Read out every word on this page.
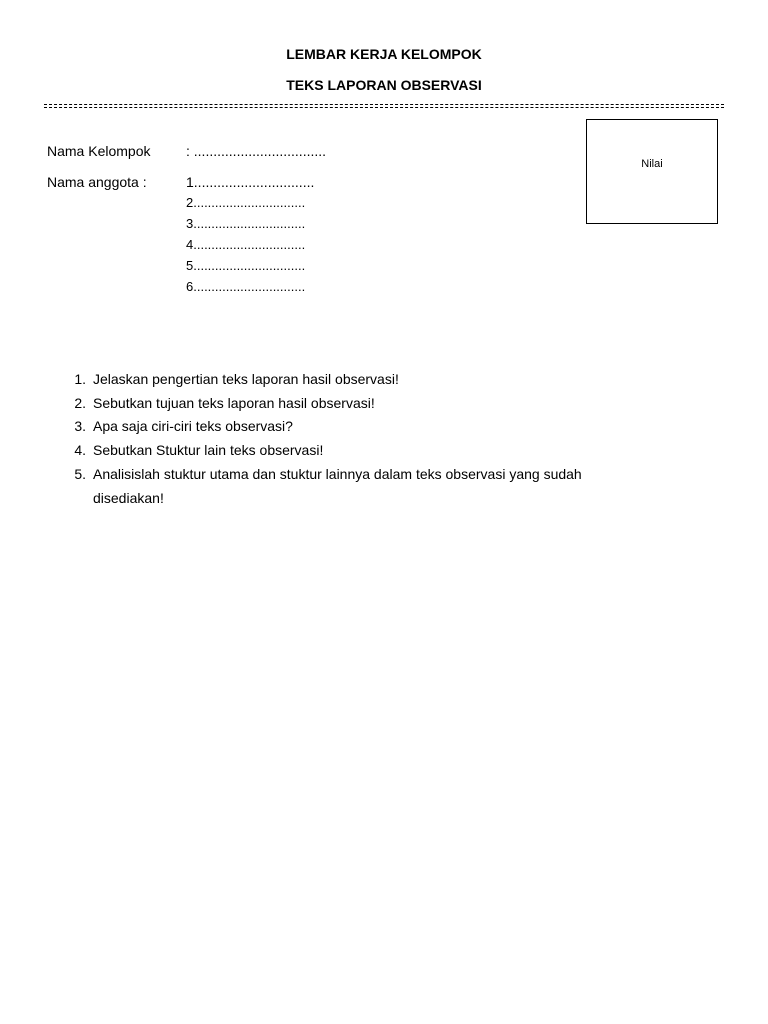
LEMBAR KERJA KELOMPOK
TEKS LAPORAN OBSERVASI
Nama Kelompok	: ..................................
Nama anggota :	1...............................
2...............................
3...............................
4...............................
5...............................
6...............................
Nilai
1. Jelaskan pengertian teks laporan hasil observasi!
2. Sebutkan tujuan teks laporan hasil observasi!
3. Apa saja ciri-ciri teks observasi?
4. Sebutkan Stuktur lain teks observasi!
5. Analisislah stuktur utama dan stuktur lainnya dalam teks observasi yang sudah
disediakan!
